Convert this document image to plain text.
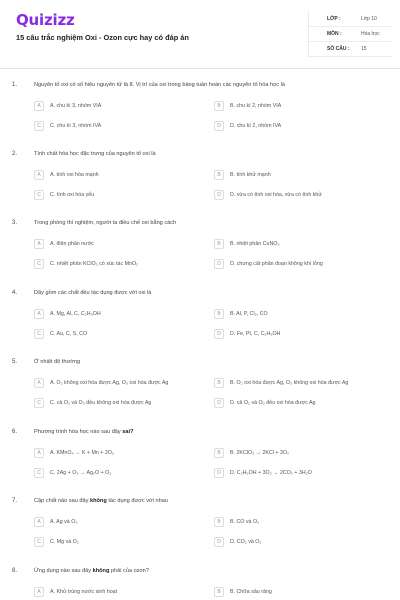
Quizizz
15 câu trắc nghiệm Oxi - Ozon cực hay có đáp án
LỚP :	Lớp 10
MÔN :	Hóa học
SỐ CÂU : 15
1.	Nguyên tố oxi có số hiệu nguyên tử là 8. Vị trí của oxi trong bảng tuần hoàn các nguyên tố hóa học là
A	A. chu kì 3, nhóm VIA	B	B. chu kì 2, nhóm VIA
C	C. chu kì 3, nhóm IVA	D	D. chu kì 2, nhóm IVA
2.	Tính chất hóa học đặc trưng của nguyên tố oxi là
A	A. tính oxi hóa mạnh	B	B. tính khử mạnh
C	C. tính oxi hóa yếu	D	D. vừa có tính oxi hóa, vừa có tính khử
3.	Trong phòng thí nghiệm, người ta điều chế oxi bằng cách
A	A. điện phân nước	B	B. nhiệt phân CuNO₃
C	C. nhiệt phân KClO₃ có xúc tác MnO₂	D	D. chưng cất phân đoạn không khí lỏng
4.	Dãy gồm các chất đều tác dụng được với oxi là
A	A. Mg, Al, C, C₂H₅OH	B	B. Al, P, Cl₂, CO
C	C. Au, C, S, CO	D	D. Fe, Pt, C, C₂H₅OH
5.	Ở nhiệt độ thường
A	A. O₂ không oxi hóa được Ag, O₃ oxi hóa được Ag	B	B. O₂ oxi hóa được Ag, O₃ không oxi hóa được Ag
C	C. cả O₂ và O₃ đều không oxi hóa được Ag	D	D. cả O₂ và O₃ đều oxi hóa được Ag
6.	Phương trình hóa học nào sau đây sai?
A	A. KMnO₄ → K + Mn + 2O₂	B	B. 2KClO₃ → 2KCl + 3O₂
C	C. 2Ag + O₃ → Ag₂O + O₂	D	D. C₂H₅OH + 3O₂ → 2CO₂ + 3H₂O
7.	Cặp chất nào sau đây không tác dụng được với nhau
A	A. Ag và O₃	B	B. CO và O₂
C	C. Mg và O₂	D	D. CO₂ và O₂
8.	Ứng dụng nào sau đây không phải của ozon?
A	A. Khử trùng nước sinh hoạt	B	B. Chữa sâu răng
